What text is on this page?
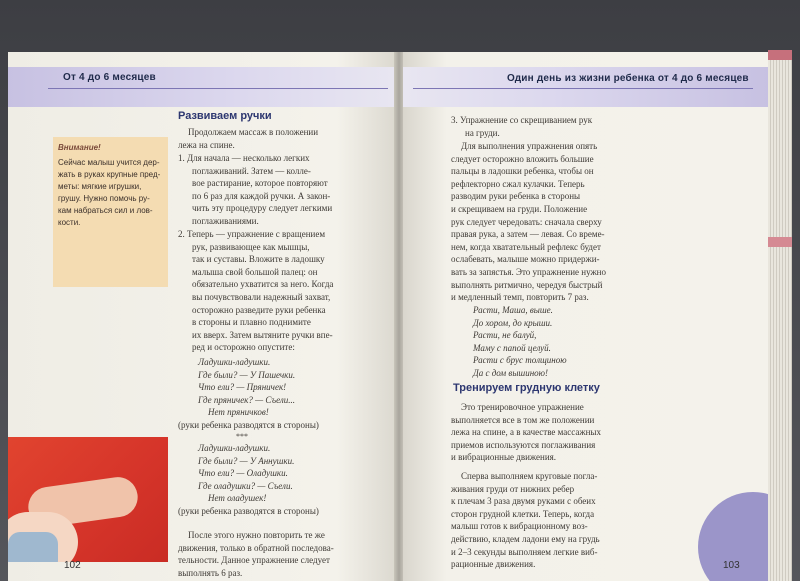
От 4 до 6 месяцев
Внимание!
Сейчас малыш учится дер-
жать в руках крупные пред-
меты: мягкие игрушки,
грушу. Нужно помочь ру-
кам набраться сил и лов-
кости.
Развиваем ручки
Продолжаем массаж в положении
лежа на спине.
1. Для начала — несколько легких
поглаживаний. Затем — колле-
вое растирание, которое повторяют
по 6 раз для каждой ручки. А закон-
чить эту процедуру следует легкими
поглаживаниями.
2. Теперь — упражнение с вращением
рук, развивающее как мышцы,
так и суставы. Вложите в ладошку
малыша свой большой палец: он
обязательно ухватится за него. Когда
вы почувствовали надежный захват,
осторожно разведите руки ребенка
в стороны и плавно поднимите
их вверх. Затем вытяните ручки впе-
ред и осторожно опустите:
Ладушки-ладушки.
Где были? — У Пашечки.
Что ели? — Пряничек!
Где пряничек? — Съели...
Нет пряничков!
(руки ребенка разводятся в стороны)
***
Ладушки-ладушки.
Где были? — У Аннушки.
Что ели? — Оладушки.
Где оладушки? — Съели.
Нет оладушек!
(руки ребенка разводятся в стороны)
После этого нужно повторить те же
движения, только в обратной последова-
тельности. Данное упражнение следует
выполнять 6 раз.
102
Один день из жизни ребенка от 4 до 6 месяцев
3. Упражнение со скрещиванием рук
на груди.
Для выполнения упражнения опять
следует осторожно вложить большие
пальцы в ладошки ребенка, чтобы он
рефлекторно сжал кулачки. Теперь
разводим руки ребенка в стороны
и скрещиваем на груди. Положение
рук следует чередовать: сначала сверху
правая рука, а затем — левая. Со време-
нем, когда хватательный рефлекс будет
ослабевать, малыше можно придержи-
вать за запястья. Это упражнение нужно
выполнять ритмично, чередуя быстрый
и медленный темп, повторить 7 раз.
Расти, Маша, выше.
До хором, до крыши.
Расти, не балуй,
Маму с папой целуй.
Расти с брус толщиною
Да с дом вышиною!
Тренируем грудную клетку
Это тренировочное упражнение
выполняется все в том же положении
лежа на спине, а в качестве массажных
приемов используются поглаживания
и вибрационные движения.
Сперва выполняем круговые погла-
живания груди от нижних ребер
к плечам 3 раза двумя руками с обеих
сторон грудной клетки. Теперь, когда
малыш готов к вибрационному воз-
действию, кладем ладони ему на грудь
и 2–3 секунды выполняем легкие виб-
рационные движения.	103
